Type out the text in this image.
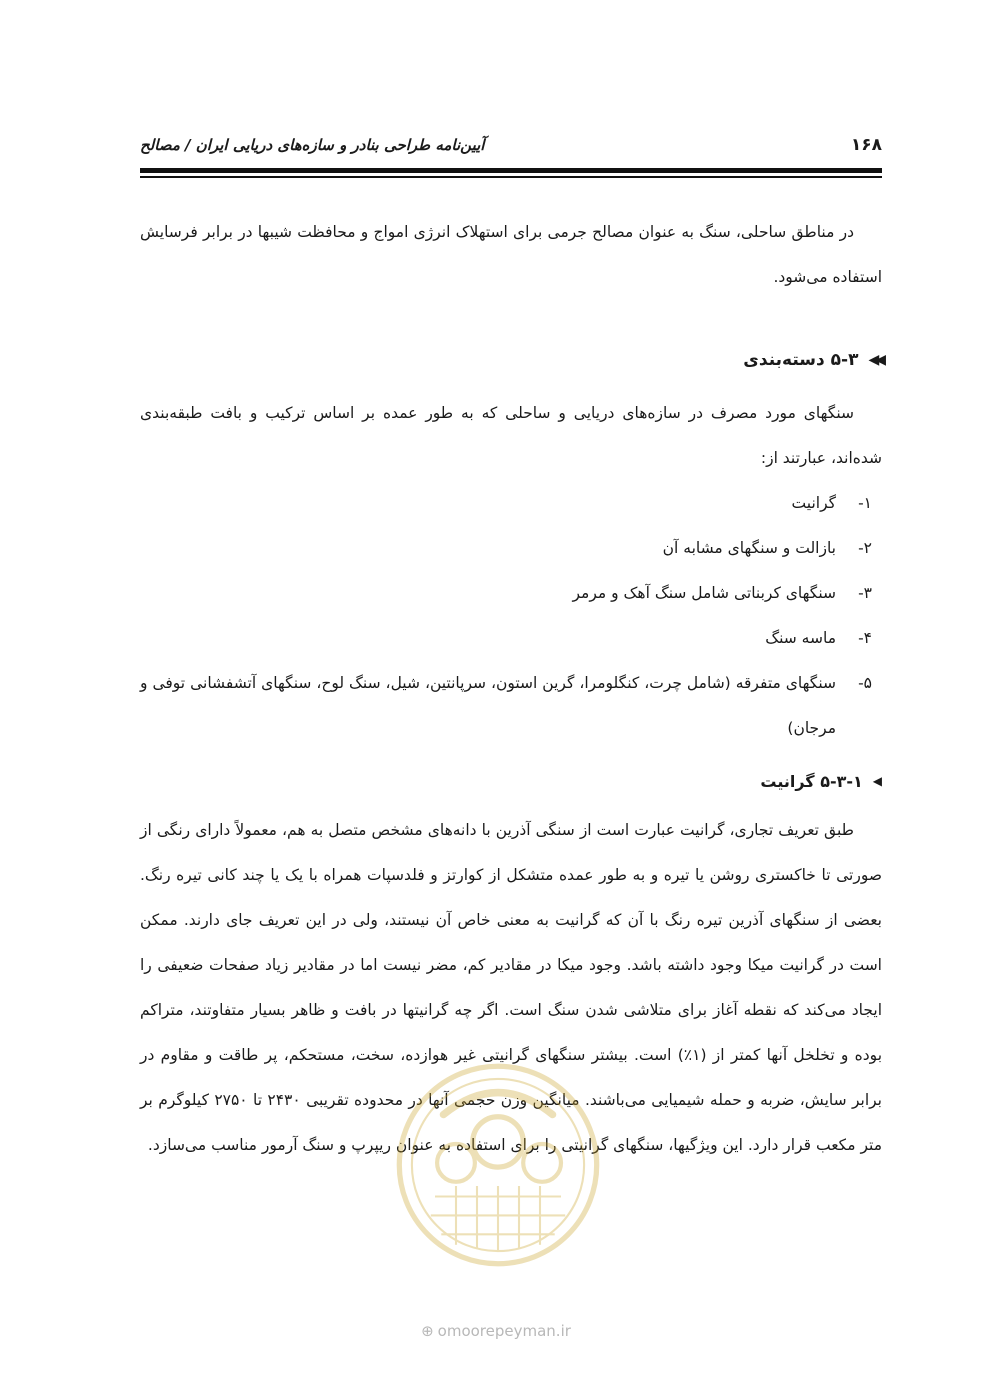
۱۶۸
آیین‌نامه طراحی بنادر و سازه‌های دریایی ایران / مصالح

در مناطق ساحلی، سنگ به عنوان مصالح جرمی برای استهلاک انرژی امواج و محافظت شیبها در برابر فرسایش استفاده می‌شود.

◀◀
۵-۳ دسته‌بندی

سنگهای مورد مصرف در سازه‌های دریایی و ساحلی که به طور عمده بر اساس ترکیب و بافت طبقه‌بندی شده‌اند، عبارتند از:

۱-
گرانیت
۲-
بازالت و سنگهای مشابه آن
۳-
سنگهای کربناتی شامل سنگ آهک و مرمر
۴-
ماسه سنگ
۵-
سنگهای متفرقه (شامل چرت، کنگلومرا، گرین استون، سرپانتین، شیل، سنگ لوح، سنگهای آتشفشانی توفی و مرجان)
◀
۵-۳-۱ گرانیت

طبق تعریف تجاری، گرانیت عبارت است از سنگی آذرین با دانه‌های مشخص متصل به هم، معمولاً دارای رنگی از صورتی تا خاکستری روشن یا تیره و به طور عمده متشکل از کوارتز و فلدسپات همراه با یک یا چند کانی تیره رنگ. بعضی از سنگهای آذرین تیره رنگ با آن که گرانیت به معنی خاص آن نیستند، ولی در این تعریف جای دارند. ممکن است در گرانیت میکا وجود داشته باشد. وجود میکا در مقادیر کم، مضر نیست اما در مقادیر زیاد صفحات ضعیفی را ایجاد می‌کند که نقطه آغاز برای متلاشی شدن سنگ است. اگر چه گرانیتها در بافت و ظاهر بسیار متفاوتند، متراکم بوده و تخلخل آنها کمتر از (۱٪) است. بیشتر سنگهای گرانیتی غیر هوازده، سخت، مستحکم، پر طاقت و مقاوم در برابر سایش، ضربه و حمله شیمیایی می‌باشند. میانگین وزن حجمی آنها در محدوده تقریبی ۲۴۳۰ تا ۲۷۵۰ کیلوگرم بر متر مکعب قرار دارد. این ویژگیها، سنگهای گرانیتی را برای استفاده به عنوان ریپرپ و سنگ آرمور مناسب می‌سازد.

⊕ omoorepeyman.ir
